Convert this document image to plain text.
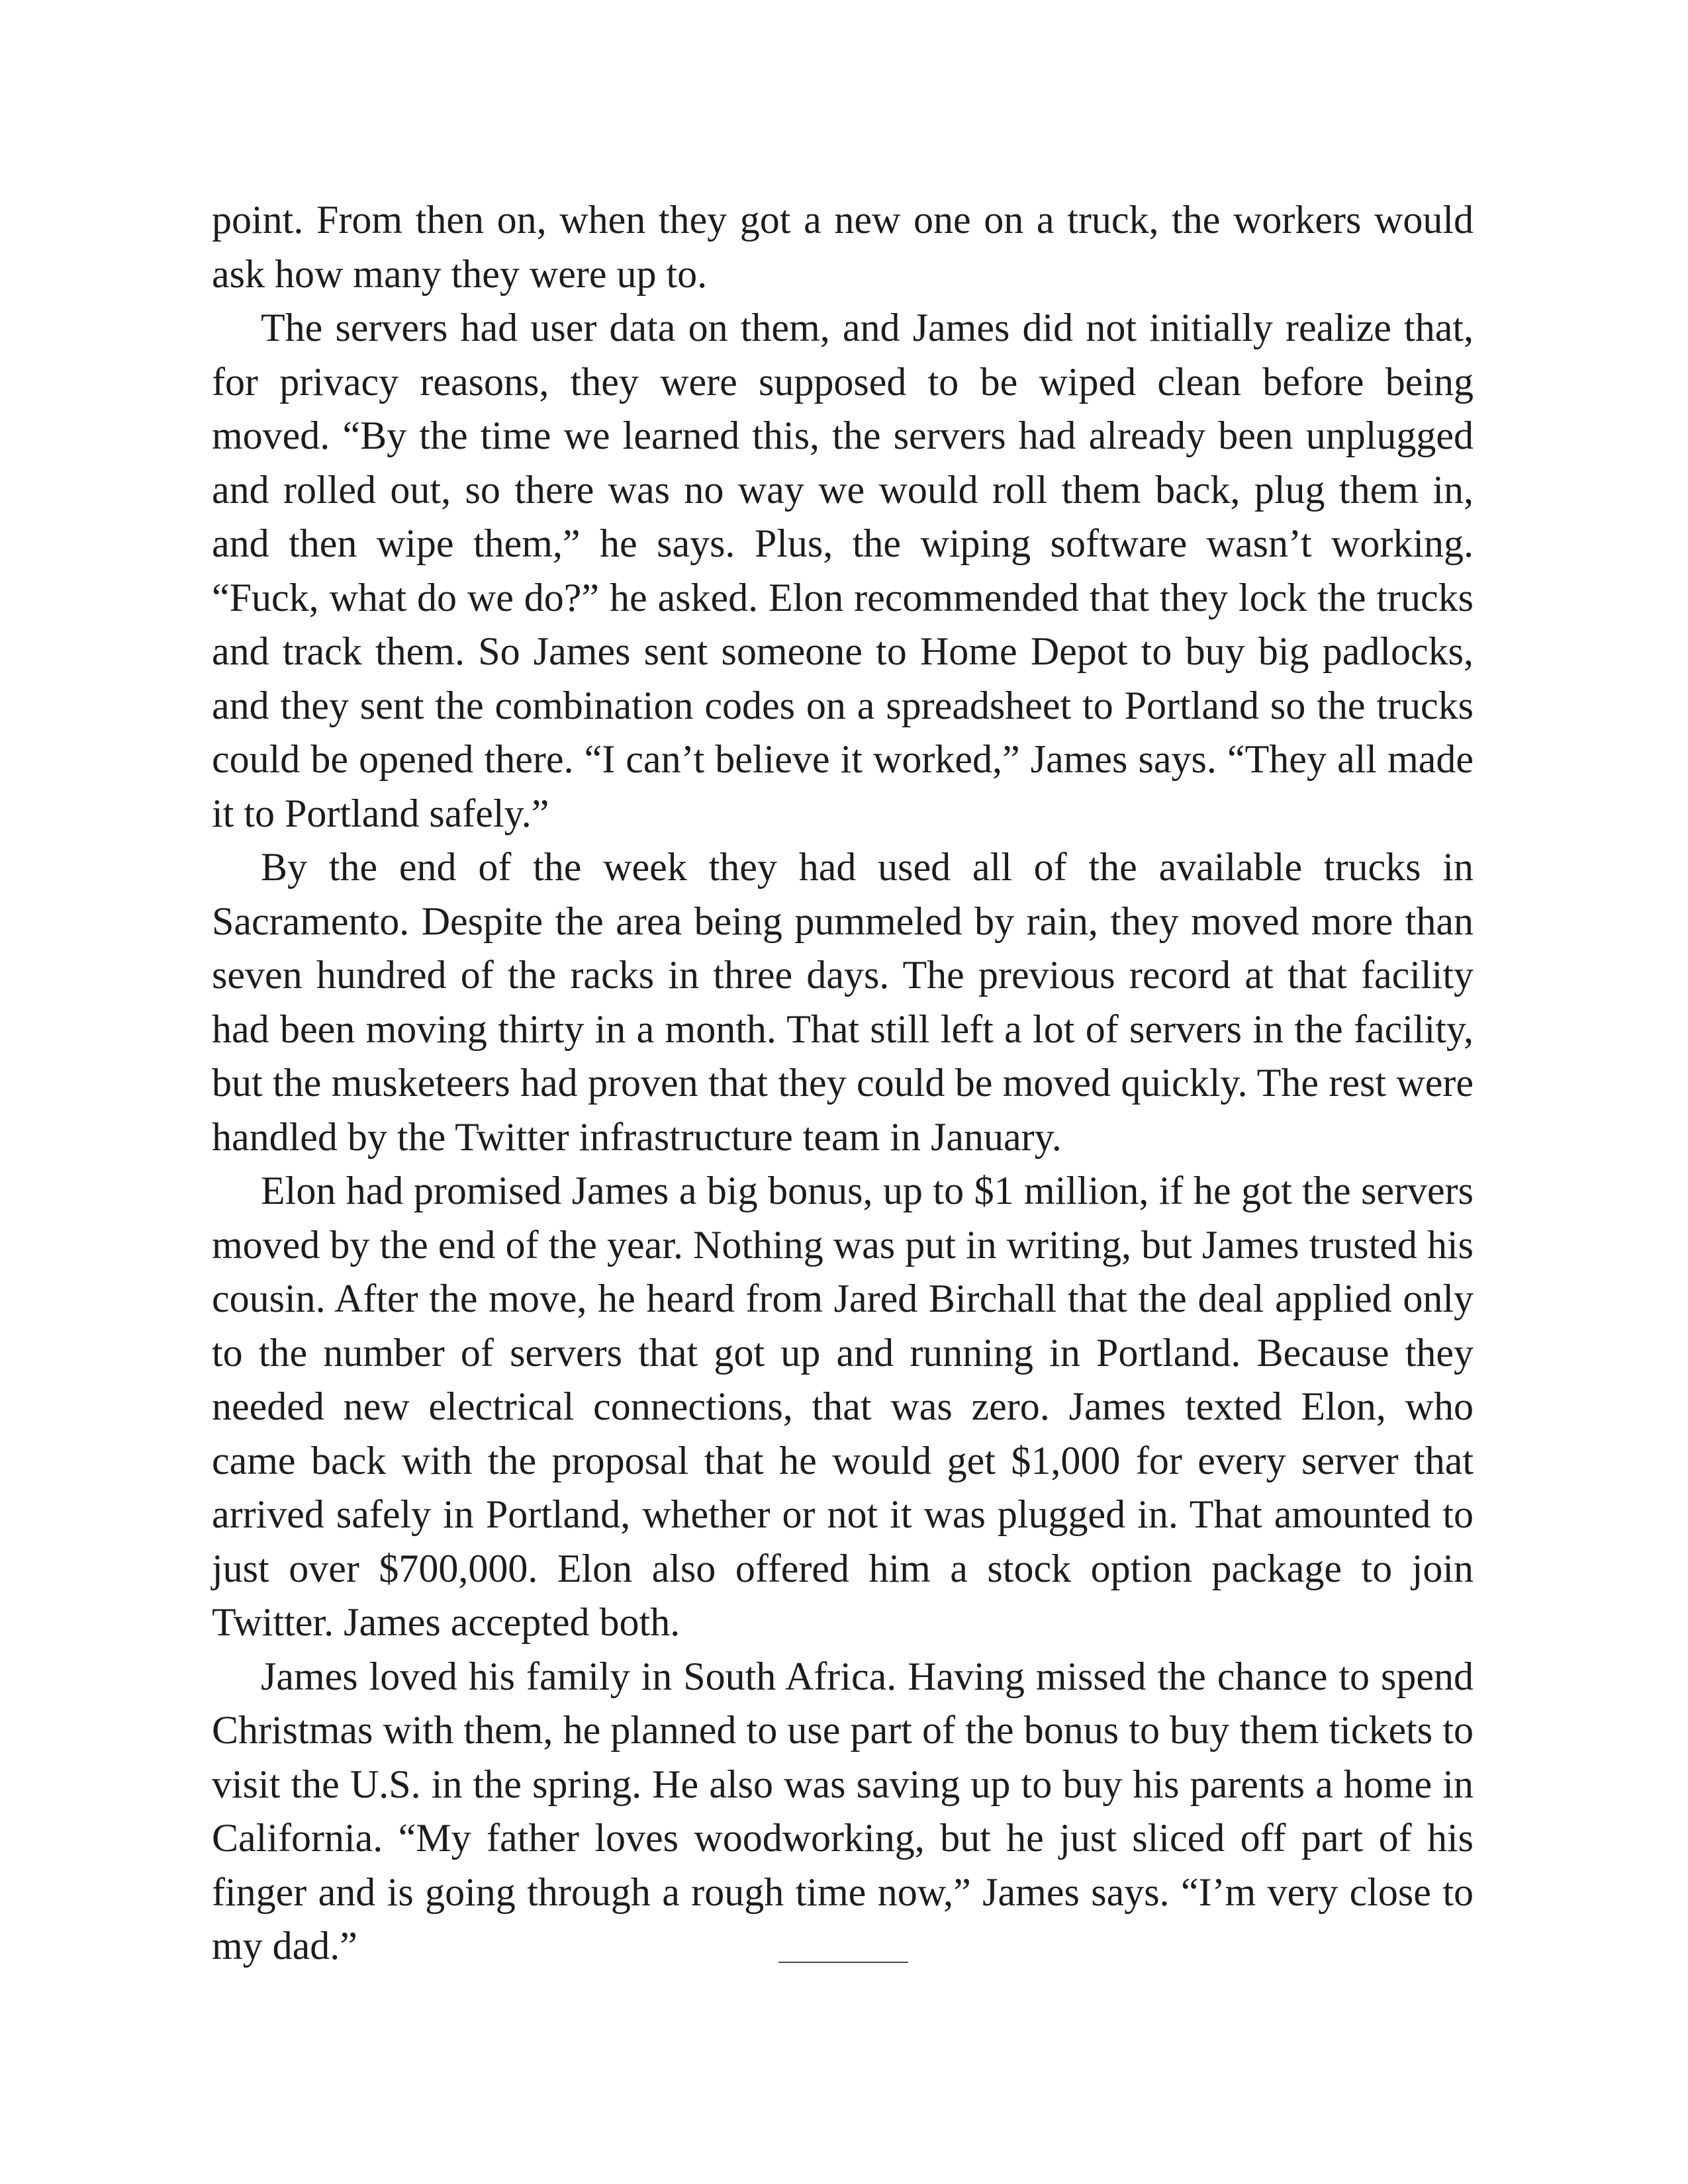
point. From then on, when they got a new one on a truck, the workers would ask how many they were up to.

The servers had user data on them, and James did not initially realize that, for privacy reasons, they were supposed to be wiped clean before being moved. “By the time we learned this, the servers had already been unplugged and rolled out, so there was no way we would roll them back, plug them in, and then wipe them,” he says. Plus, the wiping software wasn’t working. “Fuck, what do we do?” he asked. Elon recommended that they lock the trucks and track them. So James sent someone to Home Depot to buy big padlocks, and they sent the combination codes on a spreadsheet to Portland so the trucks could be opened there. “I can’t believe it worked,” James says. “They all made it to Portland safely.”

By the end of the week they had used all of the available trucks in Sacramento. Despite the area being pummeled by rain, they moved more than seven hundred of the racks in three days. The previous record at that facility had been moving thirty in a month. That still left a lot of servers in the facility, but the musketeers had proven that they could be moved quickly. The rest were handled by the Twitter infrastructure team in January.

Elon had promised James a big bonus, up to $1 million, if he got the servers moved by the end of the year. Nothing was put in writing, but James trusted his cousin. After the move, he heard from Jared Birchall that the deal applied only to the number of servers that got up and running in Portland. Because they needed new electrical connections, that was zero. James texted Elon, who came back with the proposal that he would get $1,000 for every server that arrived safely in Portland, whether or not it was plugged in. That amounted to just over $700,000. Elon also offered him a stock option package to join Twitter. James accepted both.

James loved his family in South Africa. Having missed the chance to spend Christmas with them, he planned to use part of the bonus to buy them tickets to visit the U.S. in the spring. He also was saving up to buy his parents a home in California. “My father loves woodworking, but he just sliced off part of his finger and is going through a rough time now,” James says. “I’m very close to my dad.”
